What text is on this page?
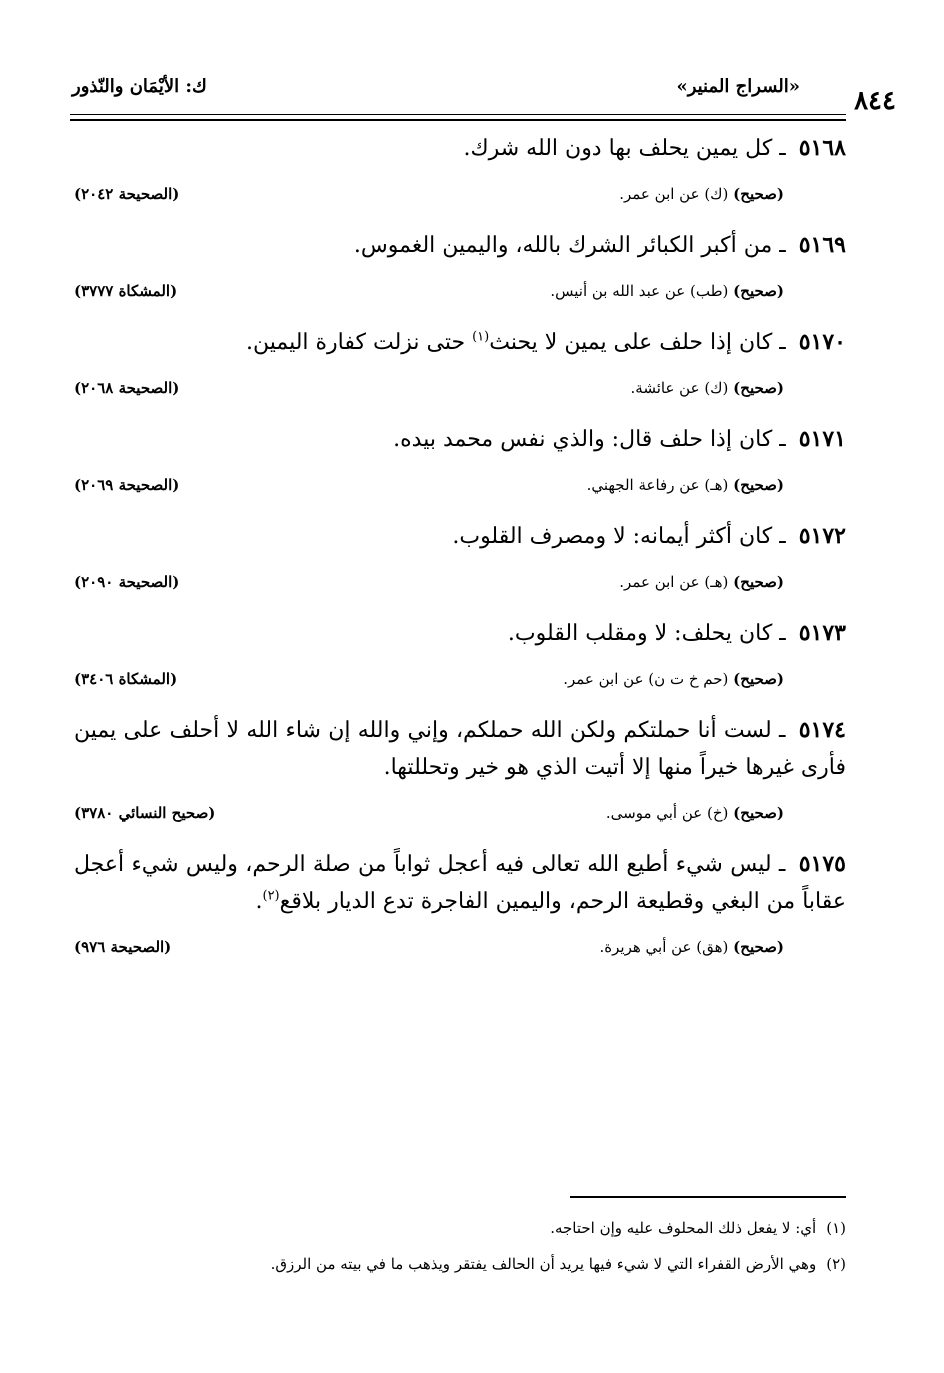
٨٤٤
«السراج المنير»
ك: الأيْمَان والنّذور

٥١٦٨ ـ كل يمين يحلف بها دون الله شرك.

(صحيح) (ك) عن ابن عمر.
(الصحيحة ٢٠٤٢)

٥١٦٩ ـ من أكبر الكبائر الشرك بالله، واليمين الغموس.

(صحيح) (طب) عن عبد الله بن أنيس.
(المشكاة ٣٧٧٧)

٥١٧٠ ـ كان إذا حلف على يمين لا يحنث$^{(١)}$ حتى نزلت كفارة اليمين.

(صحيح) (ك) عن عائشة.
(الصحيحة ٢٠٦٨)

٥١٧١ ـ كان إذا حلف قال: والذي نفس محمد بيده.

(صحيح) (هـ) عن رفاعة الجهني.
(الصحيحة ٢٠٦٩)

٥١٧٢ ـ كان أكثر أيمانه: لا ومصرف القلوب.

(صحيح) (هـ) عن ابن عمر.
(الصحيحة ٢٠٩٠)

٥١٧٣ ـ كان يحلف: لا ومقلب القلوب.

(صحيح) (حم خ ت ن) عن ابن عمر.
(المشكاة ٣٤٠٦)

٥١٧٤ ـ لست أنا حملتكم ولكن الله حملكم، وإني والله إن شاء الله لا أحلف على يمين فأرى غيرها خيراً منها إلا أتيت الذي هو خير وتحللتها.

(صحيح) (خ) عن أبي موسى.
(صحيح النسائي ٣٧٨٠)

٥١٧٥ ـ ليس شيء أطيع الله تعالى فيه أعجل ثواباً من صلة الرحم، وليس شيء أعجل عقاباً من البغي وقطيعة الرحم، واليمين الفاجرة تدع الديار بلاقع$^{(٢)}$.

(صحيح) (هق) عن أبي هريرة.
(الصحيحة ٩٧٦)

(١)أي: لا يفعل ذلك المحلوف عليه وإن احتاجه.

(٢)وهي الأرض القفراء التي لا شيء فيها يريد أن الحالف يفتقر ويذهب ما في بيته من الرزق.
